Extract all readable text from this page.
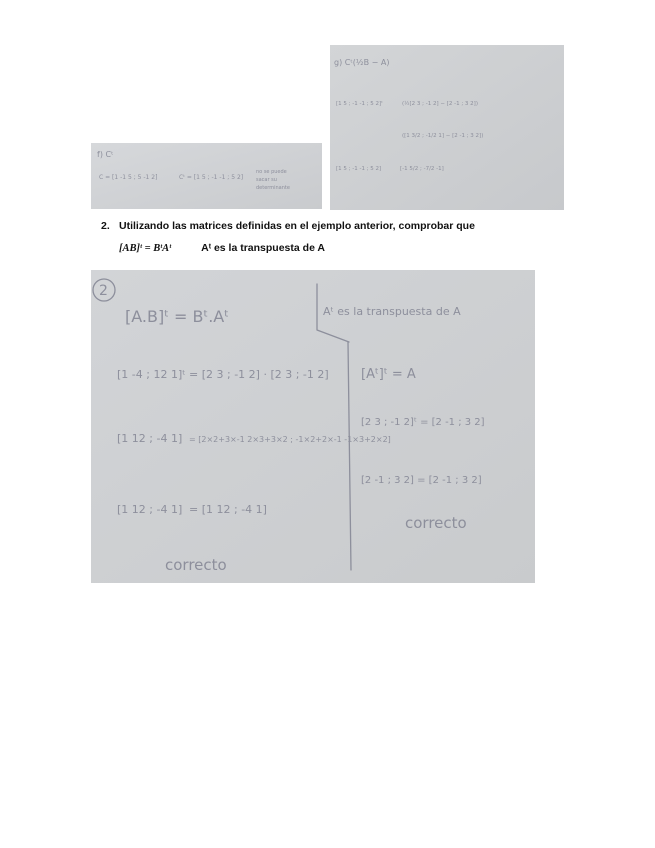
f) Cᵗ
C = [1 -1 5 ; 5 -1 2]	Cᵗ = [1 5 ; -1 -1 ; 5 2]
no se puede
sacar su
determinante
g) Cᵗ(½B − A)
[1 5 ; -1 -1 ; 5 2]ᵗ	(½[2 3 ; -1 2] − [2 -1 ; 3 2])
([1 3/2 ; -1/2 1] − [2 -1 ; 3 2])
[1 5 ; -1 -1 ; 5 2]	[-1 5/2 ; -7/2 -1]
2. Utilizando las matrices definidas en el ejemplo anterior, comprobar que
[AB]ᵗ = BᵗAᵗ	Aᵗ es la transpuesta de A
2
[A.B]ᵗ = Bᵗ.Aᵗ	Aᵗ es la transpuesta de A
[1 -4 ; 12 1]ᵗ = [2 3 ; -1 2] · [2 3 ; -1 2]
[1 12 ; -4 1] = [2×2+3×-1 2×3+3×2 ; -1×2+2×-1 -1×3+2×2]
[1 12 ; -4 1] = [1 12 ; -4 1]
correcto
[Aᵗ]ᵗ = A
[2 3 ; -1 2]ᵗ = [2 -1 ; 3 2]
[2 -1 ; 3 2] = [2 -1 ; 3 2]
correcto
